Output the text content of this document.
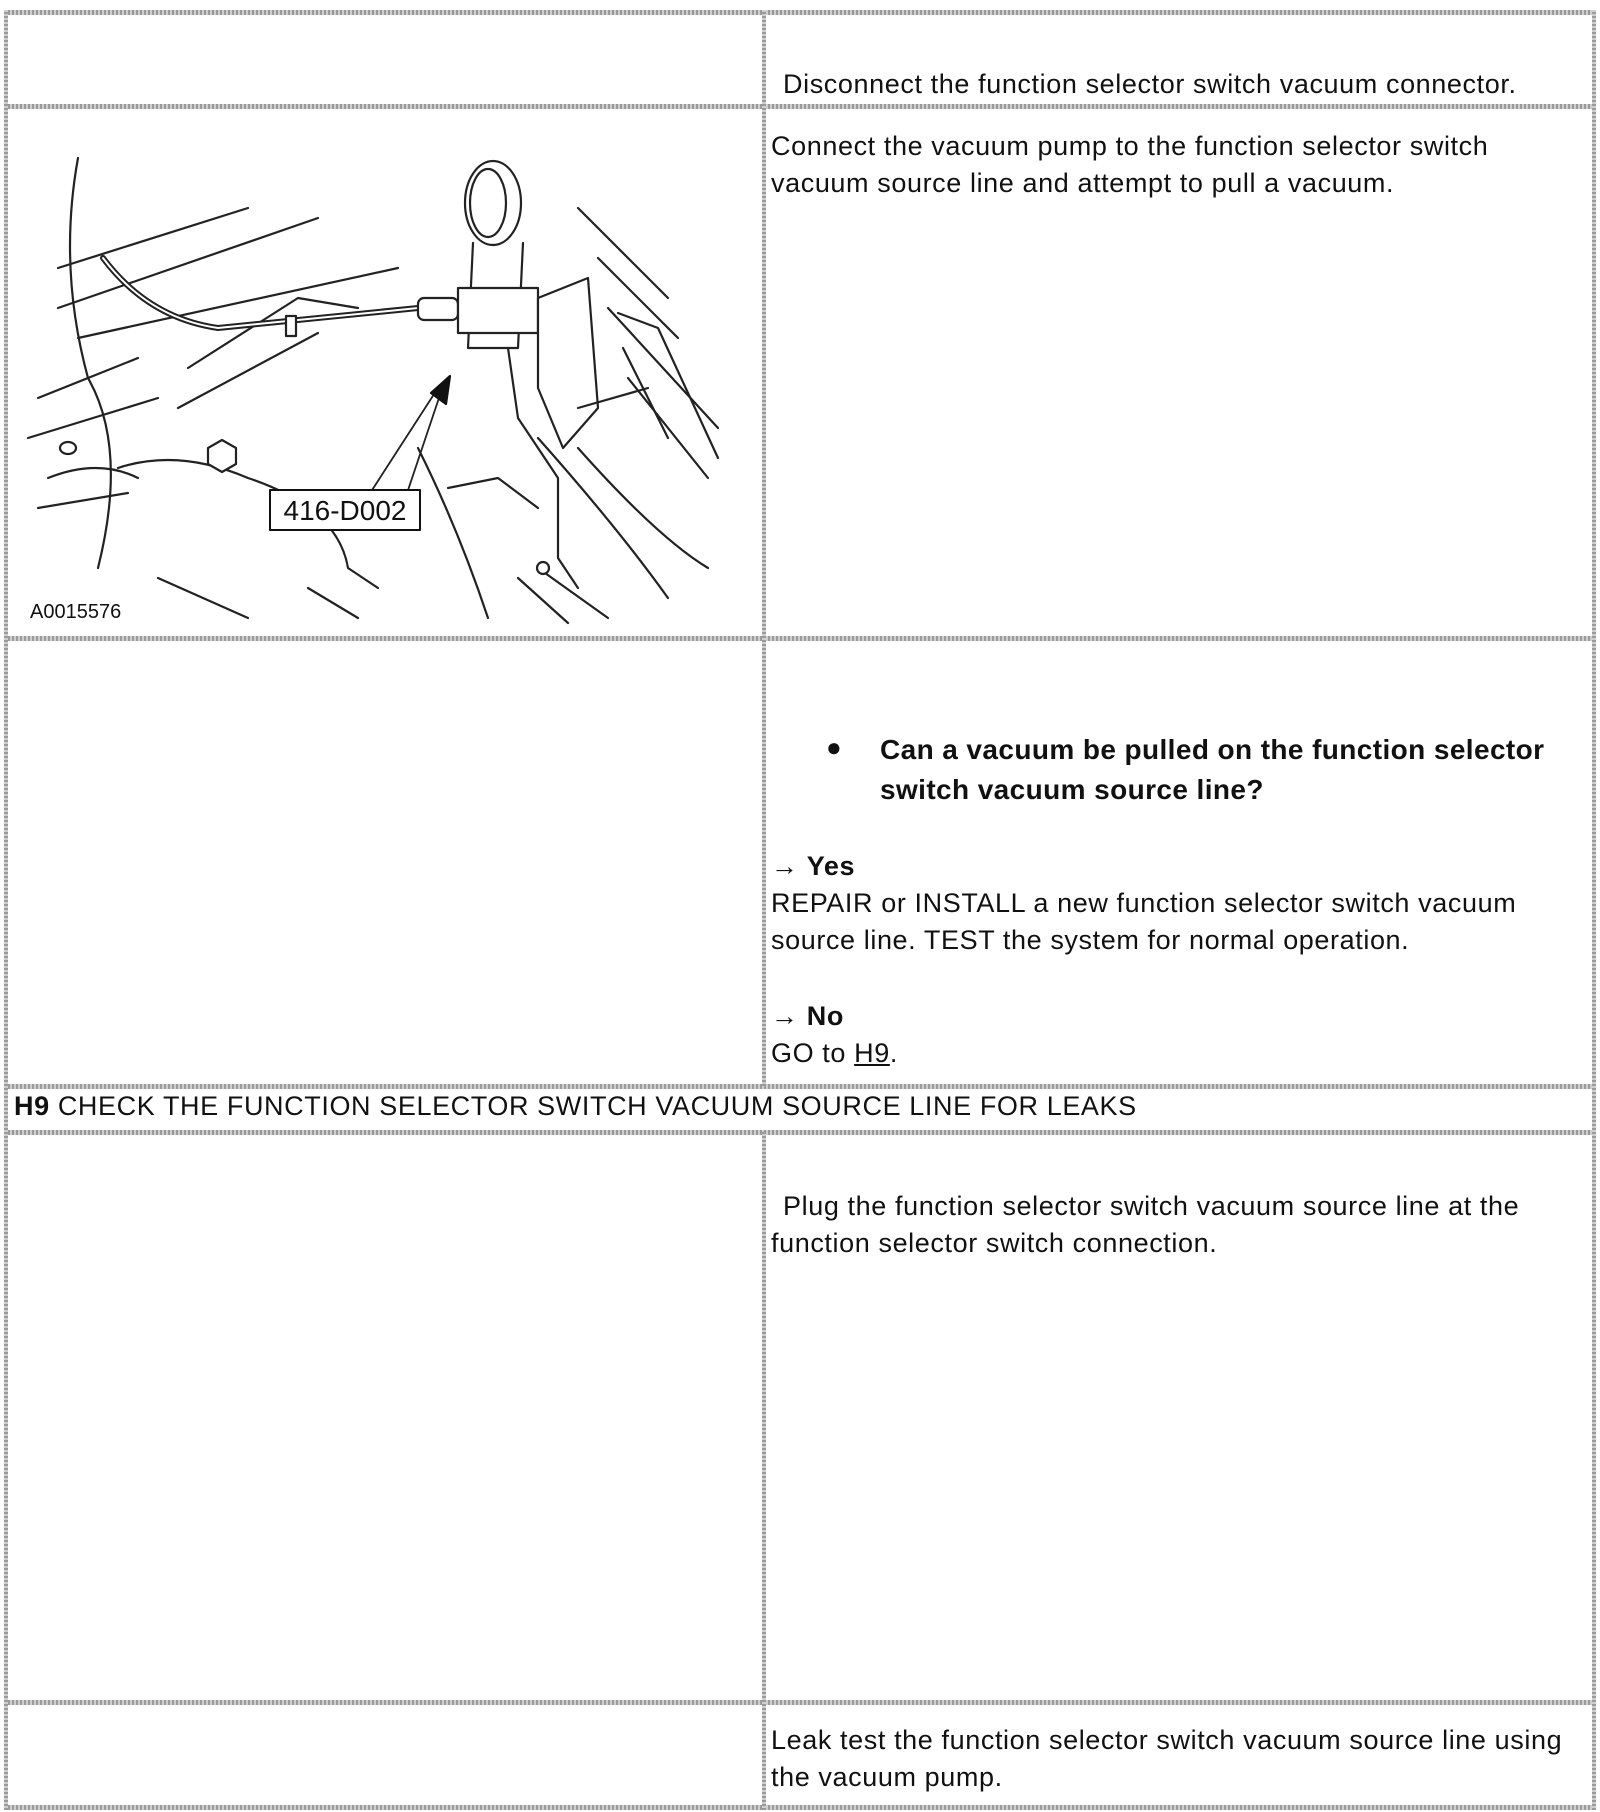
Disconnect the function selector switch vacuum connector.

Connect the vacuum pump to the function selector switch vacuum source line and attempt to pull a vacuum.

416-D002
A0015576
● Can a vacuum be pulled on the function selector switch vacuum source line?

→ Yes

REPAIR or INSTALL a new function selector switch vacuum source line. TEST the system for normal operation.

→ No

GO to H9.

H9 CHECK THE FUNCTION SELECTOR SWITCH VACUUM SOURCE LINE FOR LEAKS

Plug the function selector switch vacuum source line at the function selector switch connection.

Leak test the function selector switch vacuum source line using the vacuum pump.
